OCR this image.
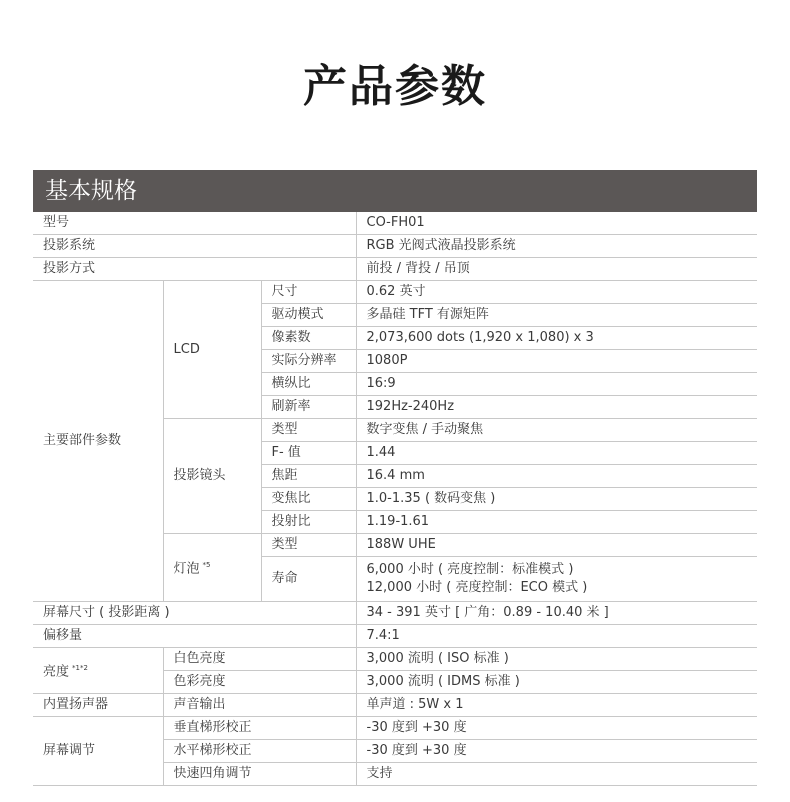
产品参数
基本规格
型号			CO-FH01
投影系统			RGB 光阀式液晶投影系统
投影方式			前投 / 背投 / 吊顶
主要部件参数	LCD	尺寸	0.62 英寸
		驱动模式	多晶硅 TFT 有源矩阵
		像素数	2,073,600 dots (1,920 x 1,080) x 3
		实际分辨率	1080P
		横纵比	16:9
		刷新率	192Hz-240Hz
	投影镜头	类型	数字变焦 / 手动聚焦
		F- 值	1.44
		焦距	16.4 mm
		变焦比	1.0-1.35 ( 数码变焦 )
		投射比	1.19-1.61
	灯泡 $^{*5}$	类型	188W UHE
		寿命	6,000 小时 ( 亮度控制：标准模式 )
12,000 小时 ( 亮度控制：ECO 模式 )

屏幕尺寸 ( 投影距离 )			34 - 391 英寸 [ 广角：0.89 - 10.40 米 ]
偏移量			7.4:1
亮度 $^{*1*2}$	白色亮度		3,000 流明 ( ISO 标准 )
	色彩亮度		3,000 流明 ( IDMS 标准 )
内置扬声器	声音输出		单声道 : 5W x 1
屏幕调节	垂直梯形校正		-30 度到 +30 度
	水平梯形校正		-30 度到 +30 度
	快速四角调节		支持
